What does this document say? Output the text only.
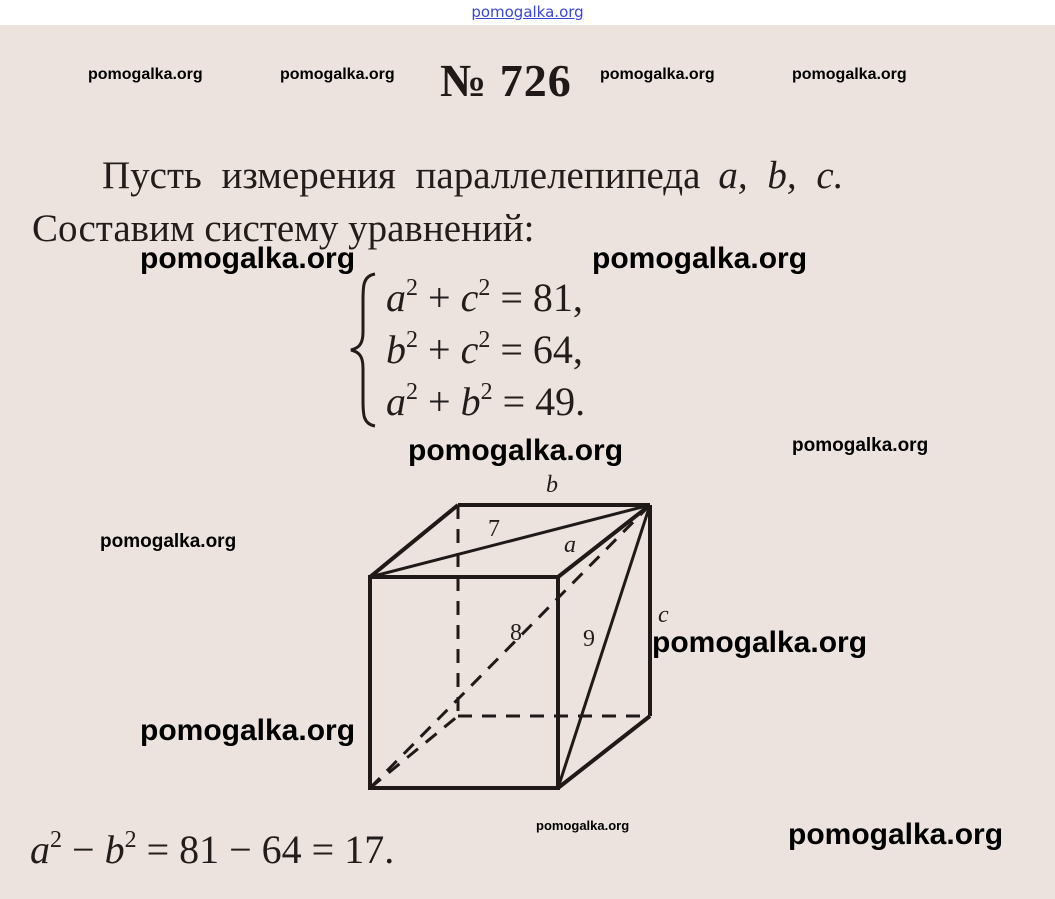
pomogalka.org
№ 726
Пусть измерения параллелепипеда a, b, c.
Составим систему уравнений:
$a^2 + c^2 = 81$,
$b^2 + c^2 = 64$,
$a^2 + b^2 = 49$.
b
a
c
7
8	9
$a^2 - b^2 = 81 - 64 = 17$.
pomogalka.org	pomogalka.org	pomogalka.org	pomogalka.org
pomogalka.org	pomogalka.org
pomogalka.org	pomogalka.org
pomogalka.org
pomogalka.org
pomogalka.org
pomogalka.org	pomogalka.org
